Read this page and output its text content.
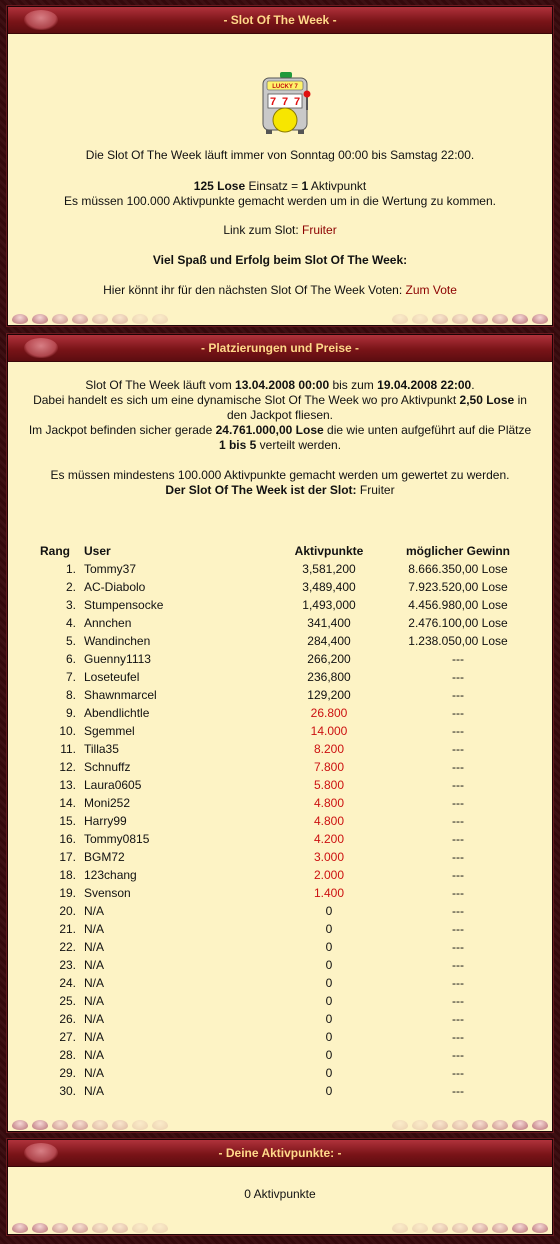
- Slot Of The Week -
LUCKY 7
7 7 7

Die Slot Of The Week läuft immer von Sonntag 00:00 bis Samstag 22:00.

125 Lose Einsatz = 1 Aktivpunkt

Es müssen 100.000 Aktivpunkte gemacht werden um in die Wertung zu kommen.

Link zum Slot: Fruiter

Viel Spaß und Erfolg beim Slot Of The Week:

Hier könnt ihr für den nächsten Slot Of The Week Voten: Zum Vote

- Platzierungen und Preise -

Slot Of The Week läuft vom 13.04.2008 00:00 bis zum 19.04.2008 22:00.

Dabei handelt es sich um eine dynamische Slot Of The Week wo pro Aktivpunkt 2,50 Lose in den Jackpot fliesen.

Im Jackpot befinden sicher gerade 24.761.000,00 Lose die wie unten aufgeführt auf die Plätze 1 bis 5 verteilt werden.

Es müssen mindestens 100.000 Aktivpunkte gemacht werden um gewertet zu werden.

Der Slot Of The Week ist der Slot: Fruiter

Rang	User	Aktivpunkte	möglicher Gewinn
1.	Tommy37	3,581,200	8.666.350,00 Lose
2.	AC-Diabolo	3,489,400	7.923.520,00 Lose
3.	Stumpensocke	1,493,000	4.456.980,00 Lose
4.	Annchen	341,400	2.476.100,00 Lose
5.	Wandinchen	284,400	1.238.050,00 Lose
6.	Guenny1113	266,200	---
7.	Loseteufel	236,800	---
8.	Shawnmarcel	129,200	---
9.	Abendlichtle	26.800	---
10.	Sgemmel	14.000	---
11.	Tilla35	8.200	---
12.	Schnuffz	7.800	---
13.	Laura0605	5.800	---
14.	Moni252	4.800	---
15.	Harry99	4.800	---
16.	Tommy0815	4.200	---
17.	BGM72	3.000	---
18.	123chang	2.000	---
19.	Svenson	1.400	---
20.	N/A	0	---
21.	N/A	0	---
22.	N/A	0	---
23.	N/A	0	---
24.	N/A	0	---
25.	N/A	0	---
26.	N/A	0	---
27.	N/A	0	---
28.	N/A	0	---
29.	N/A	0	---
30.	N/A	0	---
- Deine Aktivpunkte: -

0 Aktivpunkte
